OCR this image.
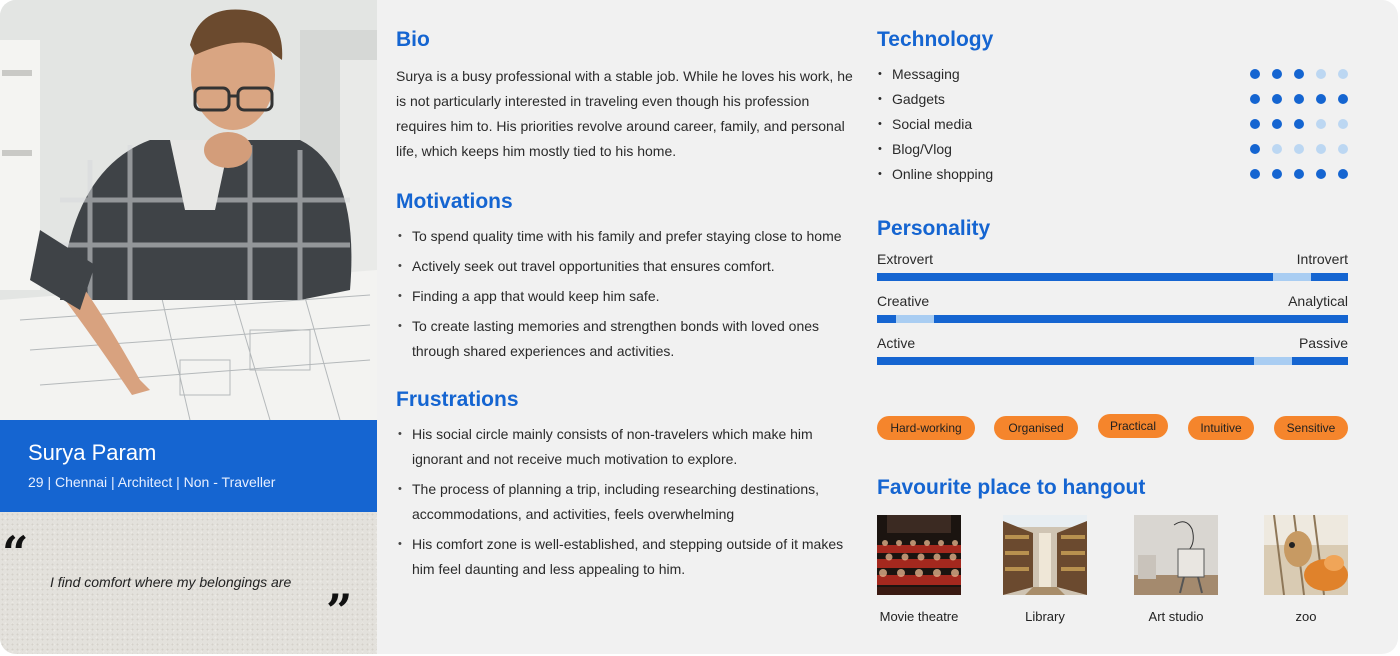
Surya Param
29 | Chennai | Architect | Non - Traveller
“
I find comfort where my belongings are
”
Bio

Surya is a busy professional with a stable job. While he loves his work, he is not particularly interested in traveling even though his profession requires him to. His priorities revolve around career, family, and personal life, which keeps him mostly tied to his home.

Motivations
• To spend quality time with his family and prefer staying close to home
• Actively seek out travel opportunities that ensures comfort.
• Finding a app that would keep him safe.
• To create lasting memories and strengthen bonds with loved ones through shared experiences and activities.
Frustrations
• His social circle mainly consists of non-travelers which make him ignorant and not receive much motivation to explore.
• The process of planning a trip, including researching destinations, accommodations, and activities, feels overwhelming
• His comfort zone is well-established, and stepping outside of it makes him feel daunting and less appealing to him.
Technology
• Messaging
• Gadgets
• Social media
• Blog/Vlog
• Online shopping
Personality
Extrovert	Introvert
Creative	Analytical
Active	Passive
Hard-working	Organised	Practical	Intuitive	Sensitive
Favourite place to hangout
Movie theatre	Library	Art studio	zoo
